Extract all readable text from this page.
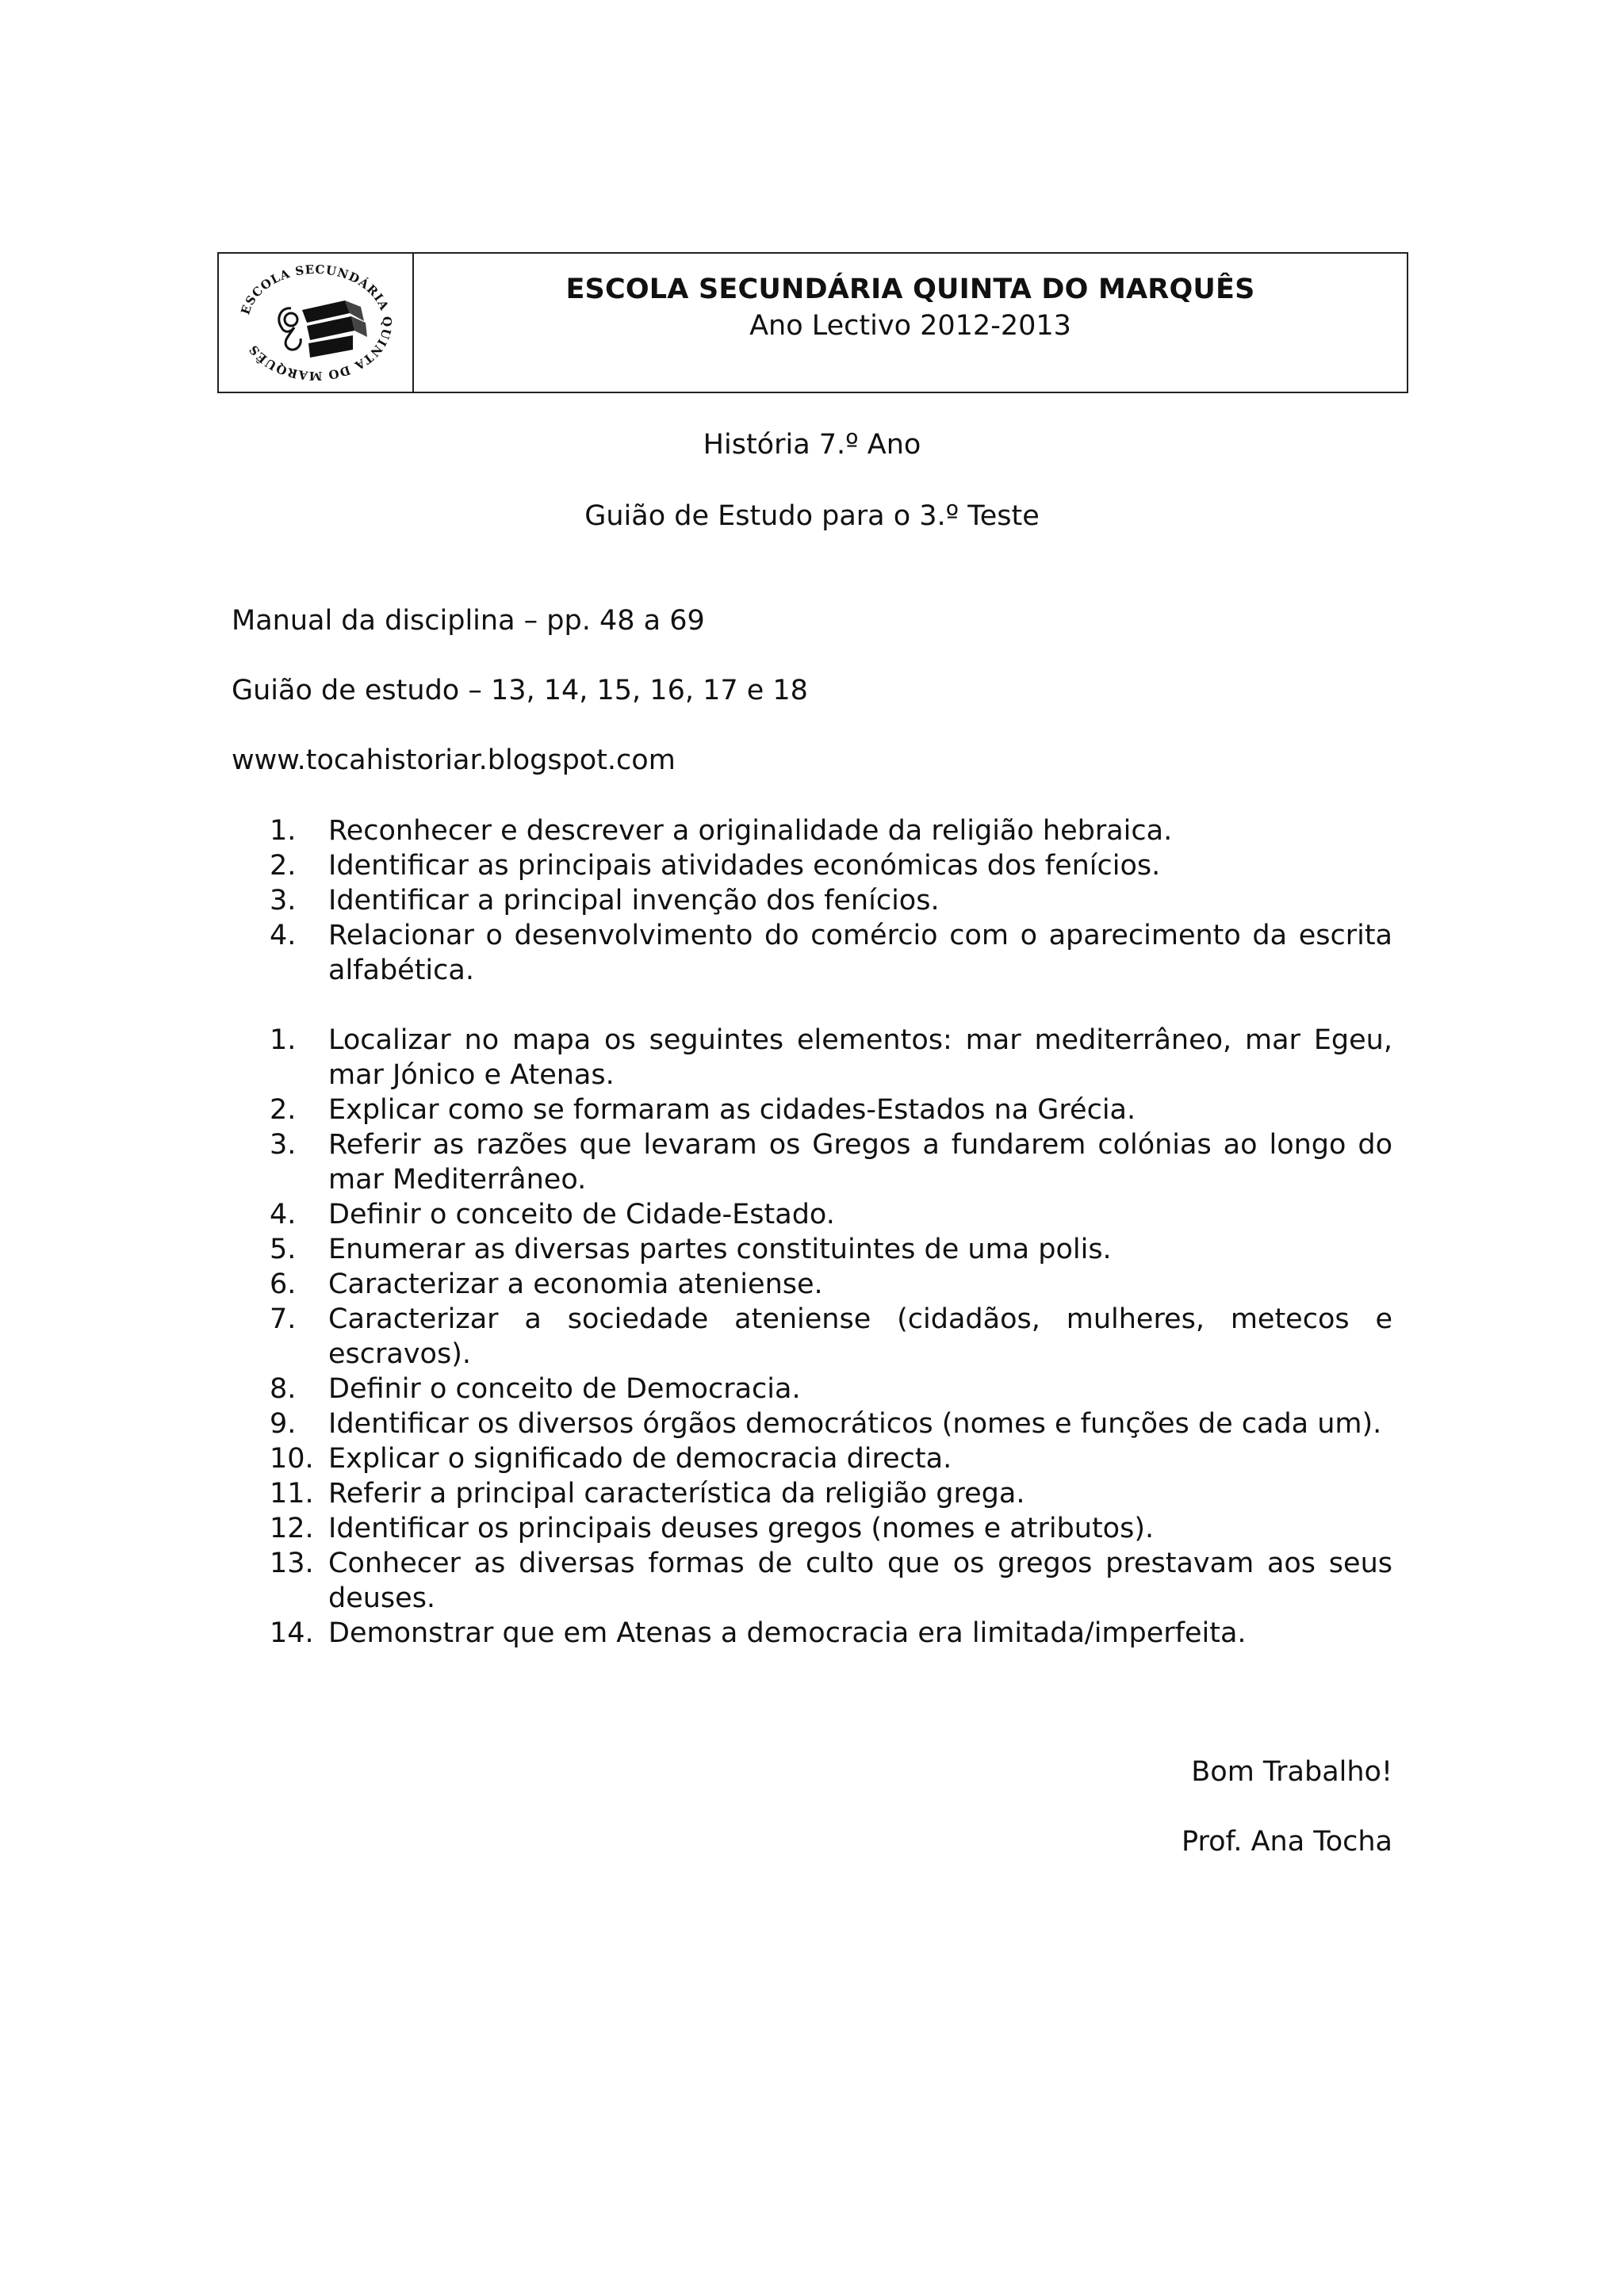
ESCOLA SECUNDÁRIA QUINTA DO MARQUÊS
ESCOLA SECUNDÁRIA QUINTA DO MARQUÊS
Ano Lectivo 2012-2013
História 7.º Ano
Guião de Estudo para o 3.º Teste
Manual da disciplina – pp. 48 a 69
Guião de estudo – 13, 14, 15, 16, 17 e 18
www.tocahistoriar.blogspot.com
1.	Reconhecer e descrever a originalidade da religião hebraica.
2.	Identificar as principais atividades económicas dos fenícios.
3.	Identificar a principal invenção dos fenícios.
4.	Relacionar o desenvolvimento do comércio com o aparecimento da escrita alfabética.
1.	Localizar no mapa os seguintes elementos: mar mediterrâneo, mar Egeu, mar Jónico e Atenas.
2.	Explicar como se formaram as cidades-Estados na Grécia.
3.	Referir as razões que levaram os Gregos a fundarem colónias ao longo do mar Mediterrâneo.
4.	Definir o conceito de Cidade-Estado.
5.	Enumerar as diversas partes constituintes de uma polis.
6.	Caracterizar a economia ateniense.
7.	Caracterizar a sociedade ateniense (cidadãos, mulheres, metecos e escravos).
8.	Definir o conceito de Democracia.
9.	Identificar os diversos órgãos democráticos (nomes e funções de cada um).
10. Explicar o significado de democracia directa.
11. Referir a principal característica da religião grega.
12. Identificar os principais deuses gregos (nomes e atributos).
13. Conhecer as diversas formas de culto que os gregos prestavam aos seus deuses.
14. Demonstrar que em Atenas a democracia era limitada/imperfeita.
Bom Trabalho!
Prof. Ana Tocha
